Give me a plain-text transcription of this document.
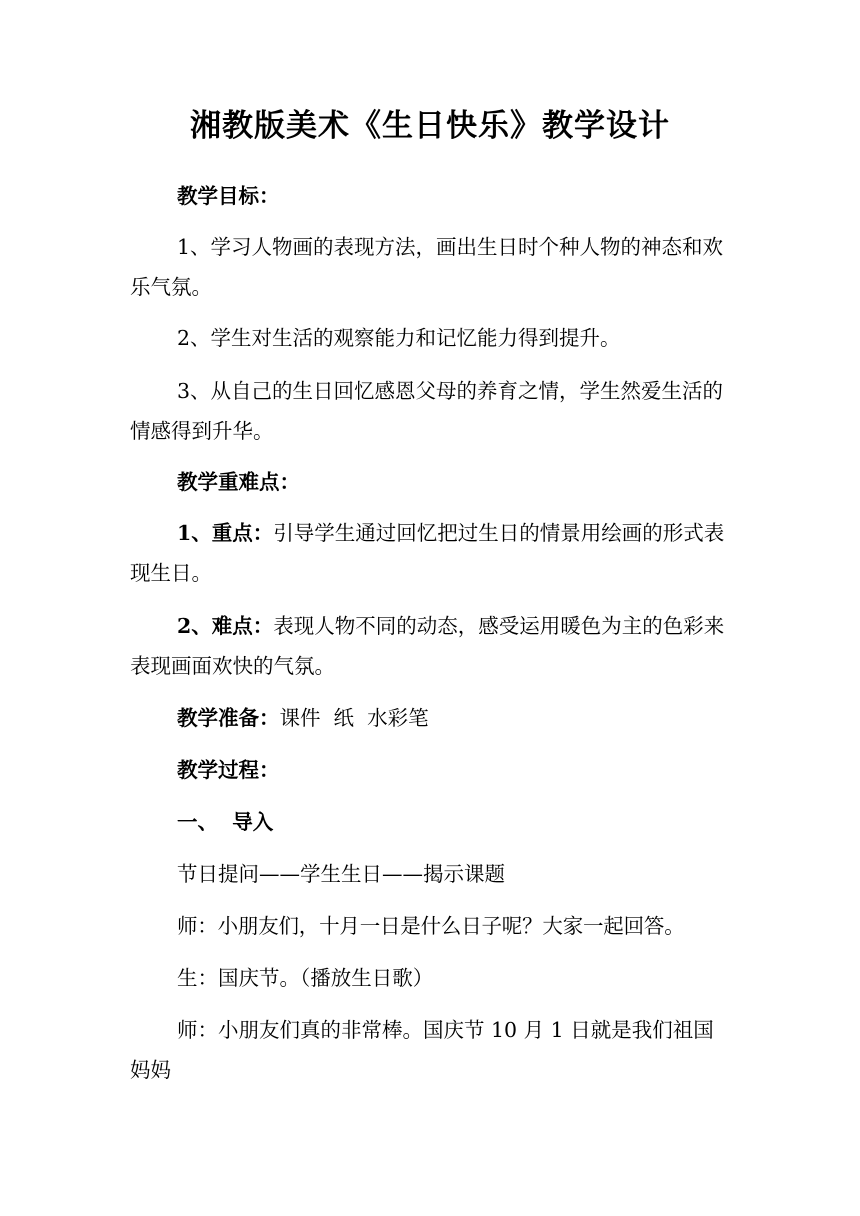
湘教版美术《生日快乐》教学设计

教学目标：

1、学习人物画的表现方法，画出生日时个种人物的神态和欢乐气氛。

2、学生对生活的观察能力和记忆能力得到提升。

3、从自己的生日回忆感恩父母的养育之情，学生然爱生活的情感得到升华。

教学重难点：

1、重点：引导学生通过回忆把过生日的情景用绘画的形式表现生日。

2、难点：表现人物不同的动态，感受运用暖色为主的色彩来表现画面欢快的气氛。

教学准备：课件  纸  水彩笔

教学过程：

一、  导入

节日提问——学生生日——揭示课题

师：小朋友们，十月一日是什么日子呢？大家一起回答。

生：国庆节。（播放生日歌）

师：小朋友们真的非常棒。国庆节 10 月 1 日就是我们祖国妈妈
